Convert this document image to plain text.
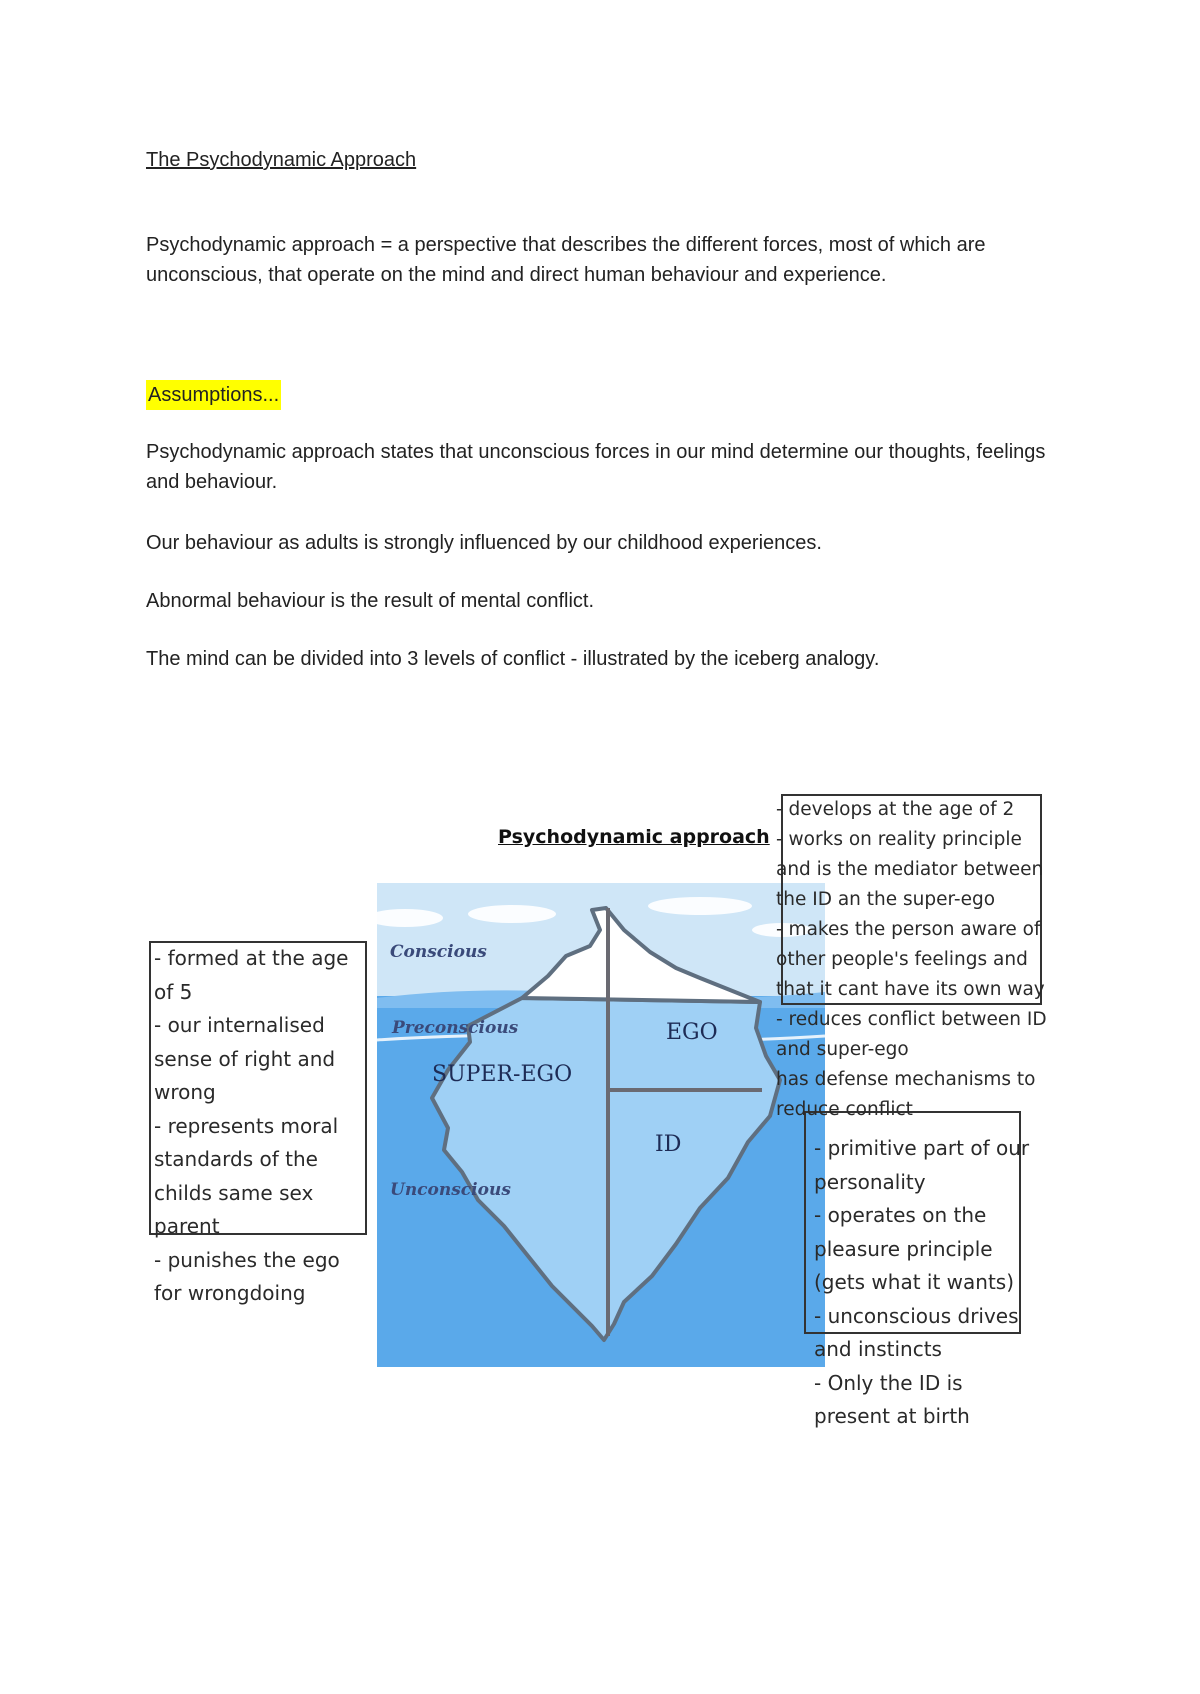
The Psychodynamic Approach

Psychodynamic approach = a perspective that describes the different forces, most of which are unconscious, that operate on the mind and direct human behaviour and experience.

Assumptions...

Psychodynamic approach states that unconscious forces in our mind determine our thoughts, feelings and behaviour.

Our behaviour as adults is strongly influenced by our childhood experiences.

Abnormal behaviour is the result of mental conflict.

The mind can be divided into 3 levels of conflict - illustrated by the iceberg analogy.

Psychodynamic approach
Conscious
Preconscious
Unconscious
EGO
SUPER-EGO
ID
- formed at the age
of 5
- our internalised
sense of right and
wrong
- represents moral
standards of the
childs same sex
parent
- punishes the ego
for wrongdoing
- develops at the age of 2
- works on reality principle
and is the mediator between
the ID an the super-ego
- makes the person aware of
other people's feelings and
that it cant have its own way
- reduces conflict between ID
and super-ego
has defense mechanisms to
reduce conflict
- primitive part of our
personality
- operates on the
pleasure principle
(gets what it wants)
- unconscious drives
and instincts
- Only the ID is
present at birth
